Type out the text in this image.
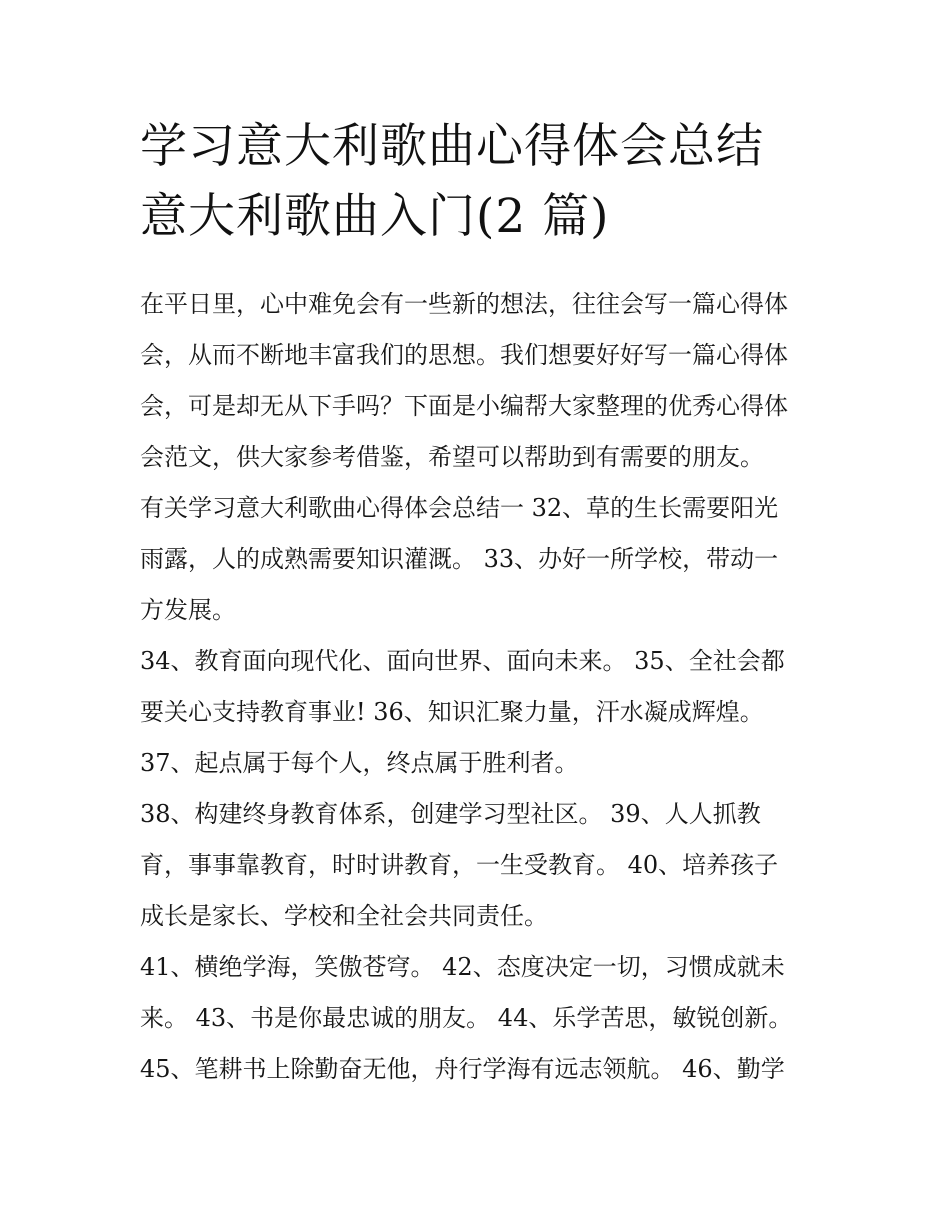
学习意大利歌曲心得体会总结
意大利歌曲入门(2 篇)
在平日里，心中难免会有一些新的想法，往往会写一篇心得体
会，从而不断地丰富我们的思想。我们想要好好写一篇心得体
会，可是却无从下手吗？下面是小编帮大家整理的优秀心得体
会范文，供大家参考借鉴，希望可以帮助到有需要的朋友。
有关学习意大利歌曲心得体会总结一 32、草的生长需要阳光
雨露，人的成熟需要知识灌溉。 33、办好一所学校，带动一
方发展。
34、教育面向现代化、面向世界、面向未来。 35、全社会都
要关心支持教育事业! 36、知识汇聚力量，汗水凝成辉煌。
37、起点属于每个人，终点属于胜利者。
38、构建终身教育体系，创建学习型社区。 39、人人抓教
育，事事靠教育，时时讲教育，一生受教育。 40、培养孩子
成长是家长、学校和全社会共同责任。
41、横绝学海，笑傲苍穹。 42、态度决定一切，习惯成就未
来。 43、书是你最忠诚的朋友。 44、乐学苦思，敏锐创新。
45、笔耕书上除勤奋无他，舟行学海有远志领航。 46、勤学
